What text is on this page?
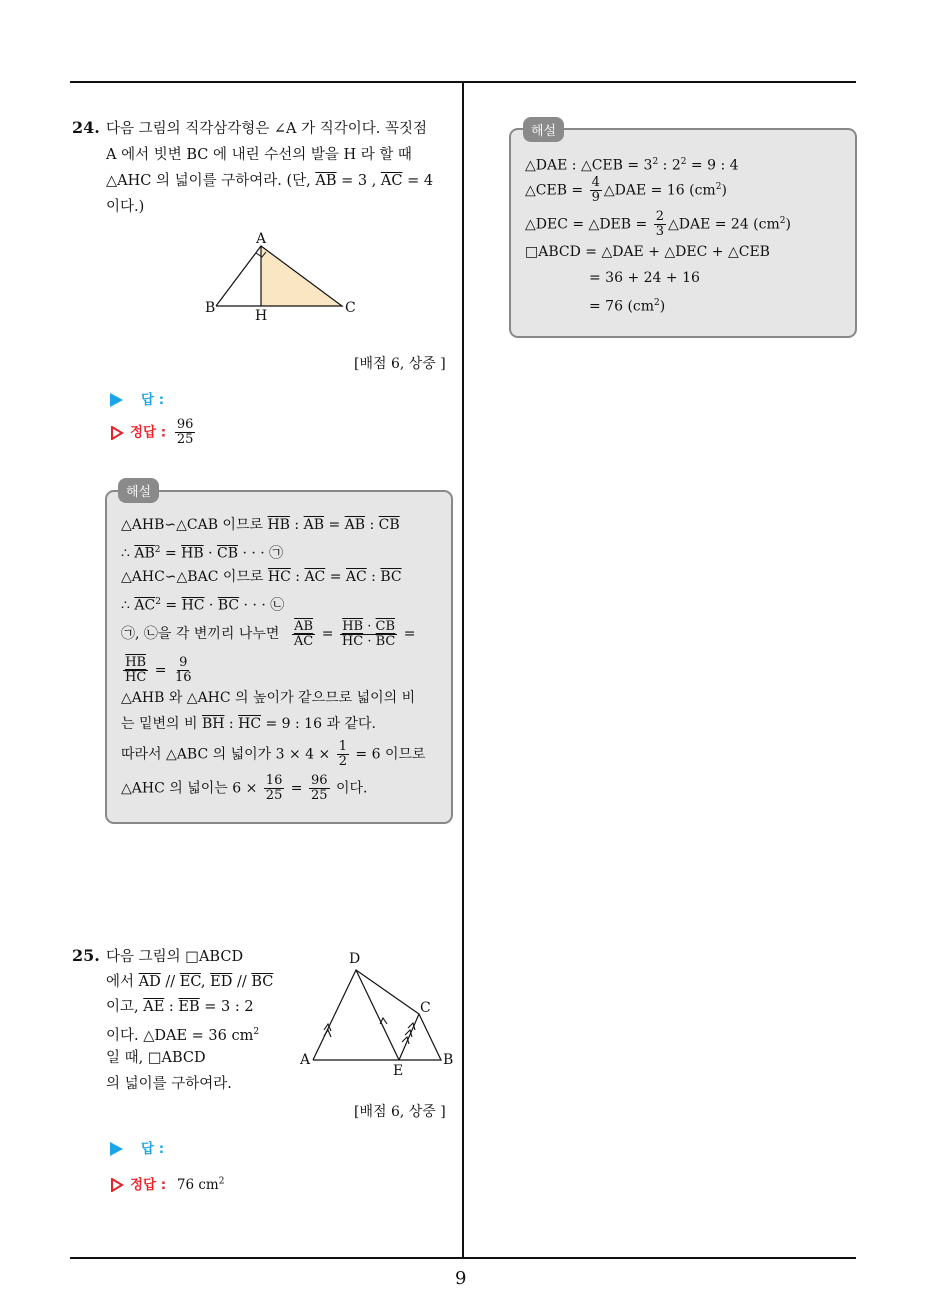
9
24. 다음 그림의 직각삼각형은 ∠A 가 직각이다. 꼭짓점
A 에서 빗변 BC 에 내린 수선의 발을 H 라 할 때
△AHC 의 넓이를 구하여라. (단, $\overline{AB} = 3$ , $\overline{AC} = 4$
이다.)
A
B	C
H
[배점 6, 상중 ]
답 :
정답 : $\frac{96}{25}$
△AHB∽△CAB 이므로 $\overline{HB}$ : $\overline{AB} = \overline{AB}$ : $\overline{CB}$
∴ $\overline{AB}^2 = \overline{HB} \cdot \overline{CB}$ · · · ㉠
△AHC∽△BAC 이므로 $\overline{HC}$ : $\overline{AC} = \overline{AC}$ : $\overline{BC}$
∴ $\overline{AC}^2 = \overline{HC} \cdot \overline{BC}$ · · · ㉡
㉠, ㉡을 각 변끼리 나누면 $\frac{\overline{AB}}{AC} = \frac{\overline{HB} \cdot \overline{CB}}{\overline{HC} \cdot \overline{BC}}$ =
$\frac{\overline{HB}}{HC} = \frac{9}{16}$
△AHB 와 △AHC 의 높이가 같으므로 넓이의 비
는 밑변의 비 $\overline{BH}$ : $\overline{HC} = 9$ : 16 과 같다.
따라서 △ABC 의 넓이가 $3 \times 4 \times \frac{1}{2} = 6$ 이므로
△AHC 의 넓이는 $6 \times \frac{16}{25} = \frac{96}{25}$ 이다.
해설
25. 다음 그림의 □ABCD
에서 $\overline{AD} // \overline{EC}$, $\overline{ED} // \overline{BC}$
이고, $\overline{AE}$ : $\overline{EB} = 3$ : 2
이다. △DAE = 36 $cm^2$
일 때, □ABCD
의 넓이를 구하여라.
D
C
A	B
E
[배점 6, 상중 ]
답 :
정답 : 76 $cm^2$
△DAE : △CEB = $3^2$ : $2^2 = 9$ : 4
△CEB = $\frac{4}{9}$ △DAE = 16 $(cm^2)$
△DEC = △DEB = $\frac{2}{3}$ △DAE = 24 $(cm^2)$
□ABCD = △DAE + △DEC + △CEB
= 36 + 24 + 16
= 76 $(cm^2)$
해설
